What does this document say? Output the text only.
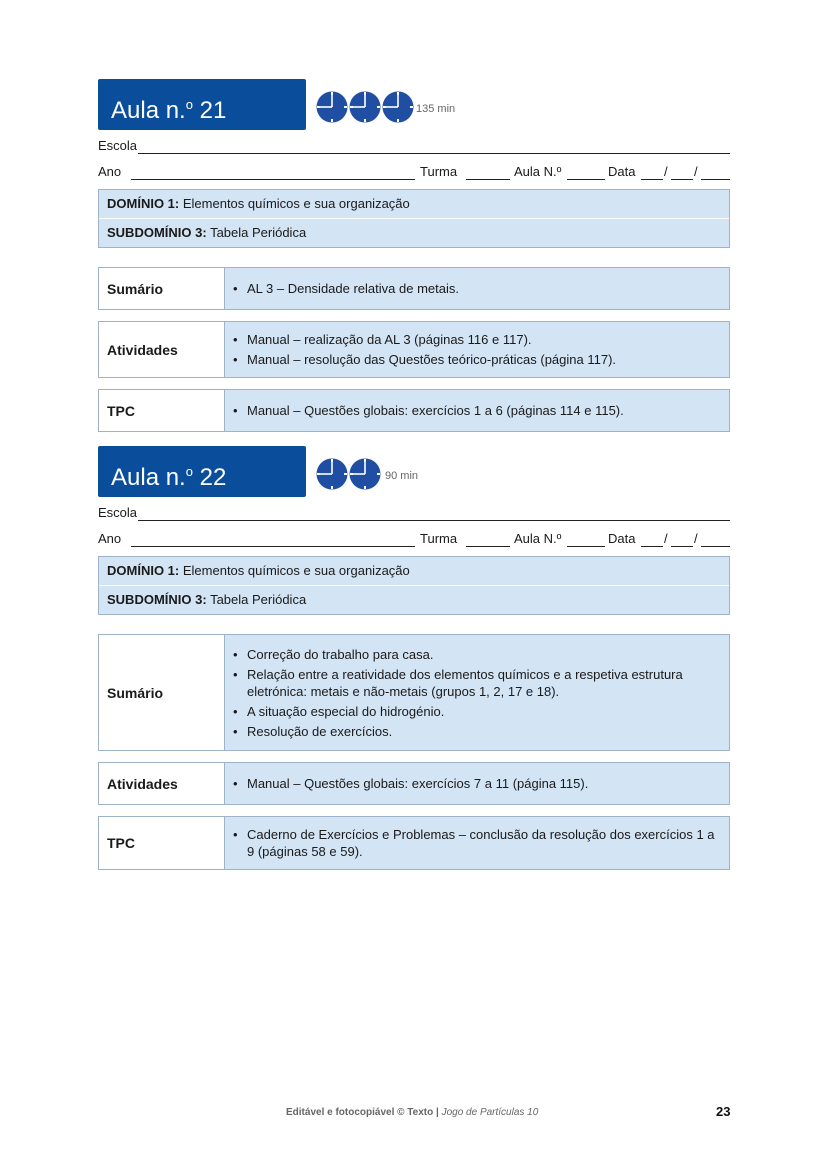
Aula n.$^o$ 21	135 min
Escola
Ano	Turma	Aula N.º	Data / /
DOMÍNIO 1: Elementos químicos e sua organização
SUBDOMÍNIO 3: Tabela Periódica
Sumário	
•AL 3 – Densidade relativa de metais.
Atividades	
• Manual – realização da AL 3 (páginas 116 e 117).
• Manual – resolução das Questões teórico-práticas (página 117).
TPC	
•Manual – Questões globais: exercícios 1 a 6 (páginas 114 e 115).
Aula n.$^o$ 22	90 min
Escola
Ano	Turma	Aula N.º	Data / /
DOMÍNIO 1: Elementos químicos e sua organização
SUBDOMÍNIO 3: Tabela Periódica
Sumário	
• Correção do trabalho para casa.
• Relação entre a reatividade dos elementos químicos e a respetiva estrutura eletrónica: metais e não-metais (grupos 1, 2, 17 e 18).
• A situação especial do hidrogénio.
• Resolução de exercícios.
Atividades	
•Manual – Questões globais: exercícios 7 a 11 (página 115).
TPC	
• Caderno de Exercícios e Problemas – conclusão da resolução dos exercícios 1 a 9 (páginas 58 e 59).
Editável e fotocopiável © Texto | Jogo de Partículas 10	23
